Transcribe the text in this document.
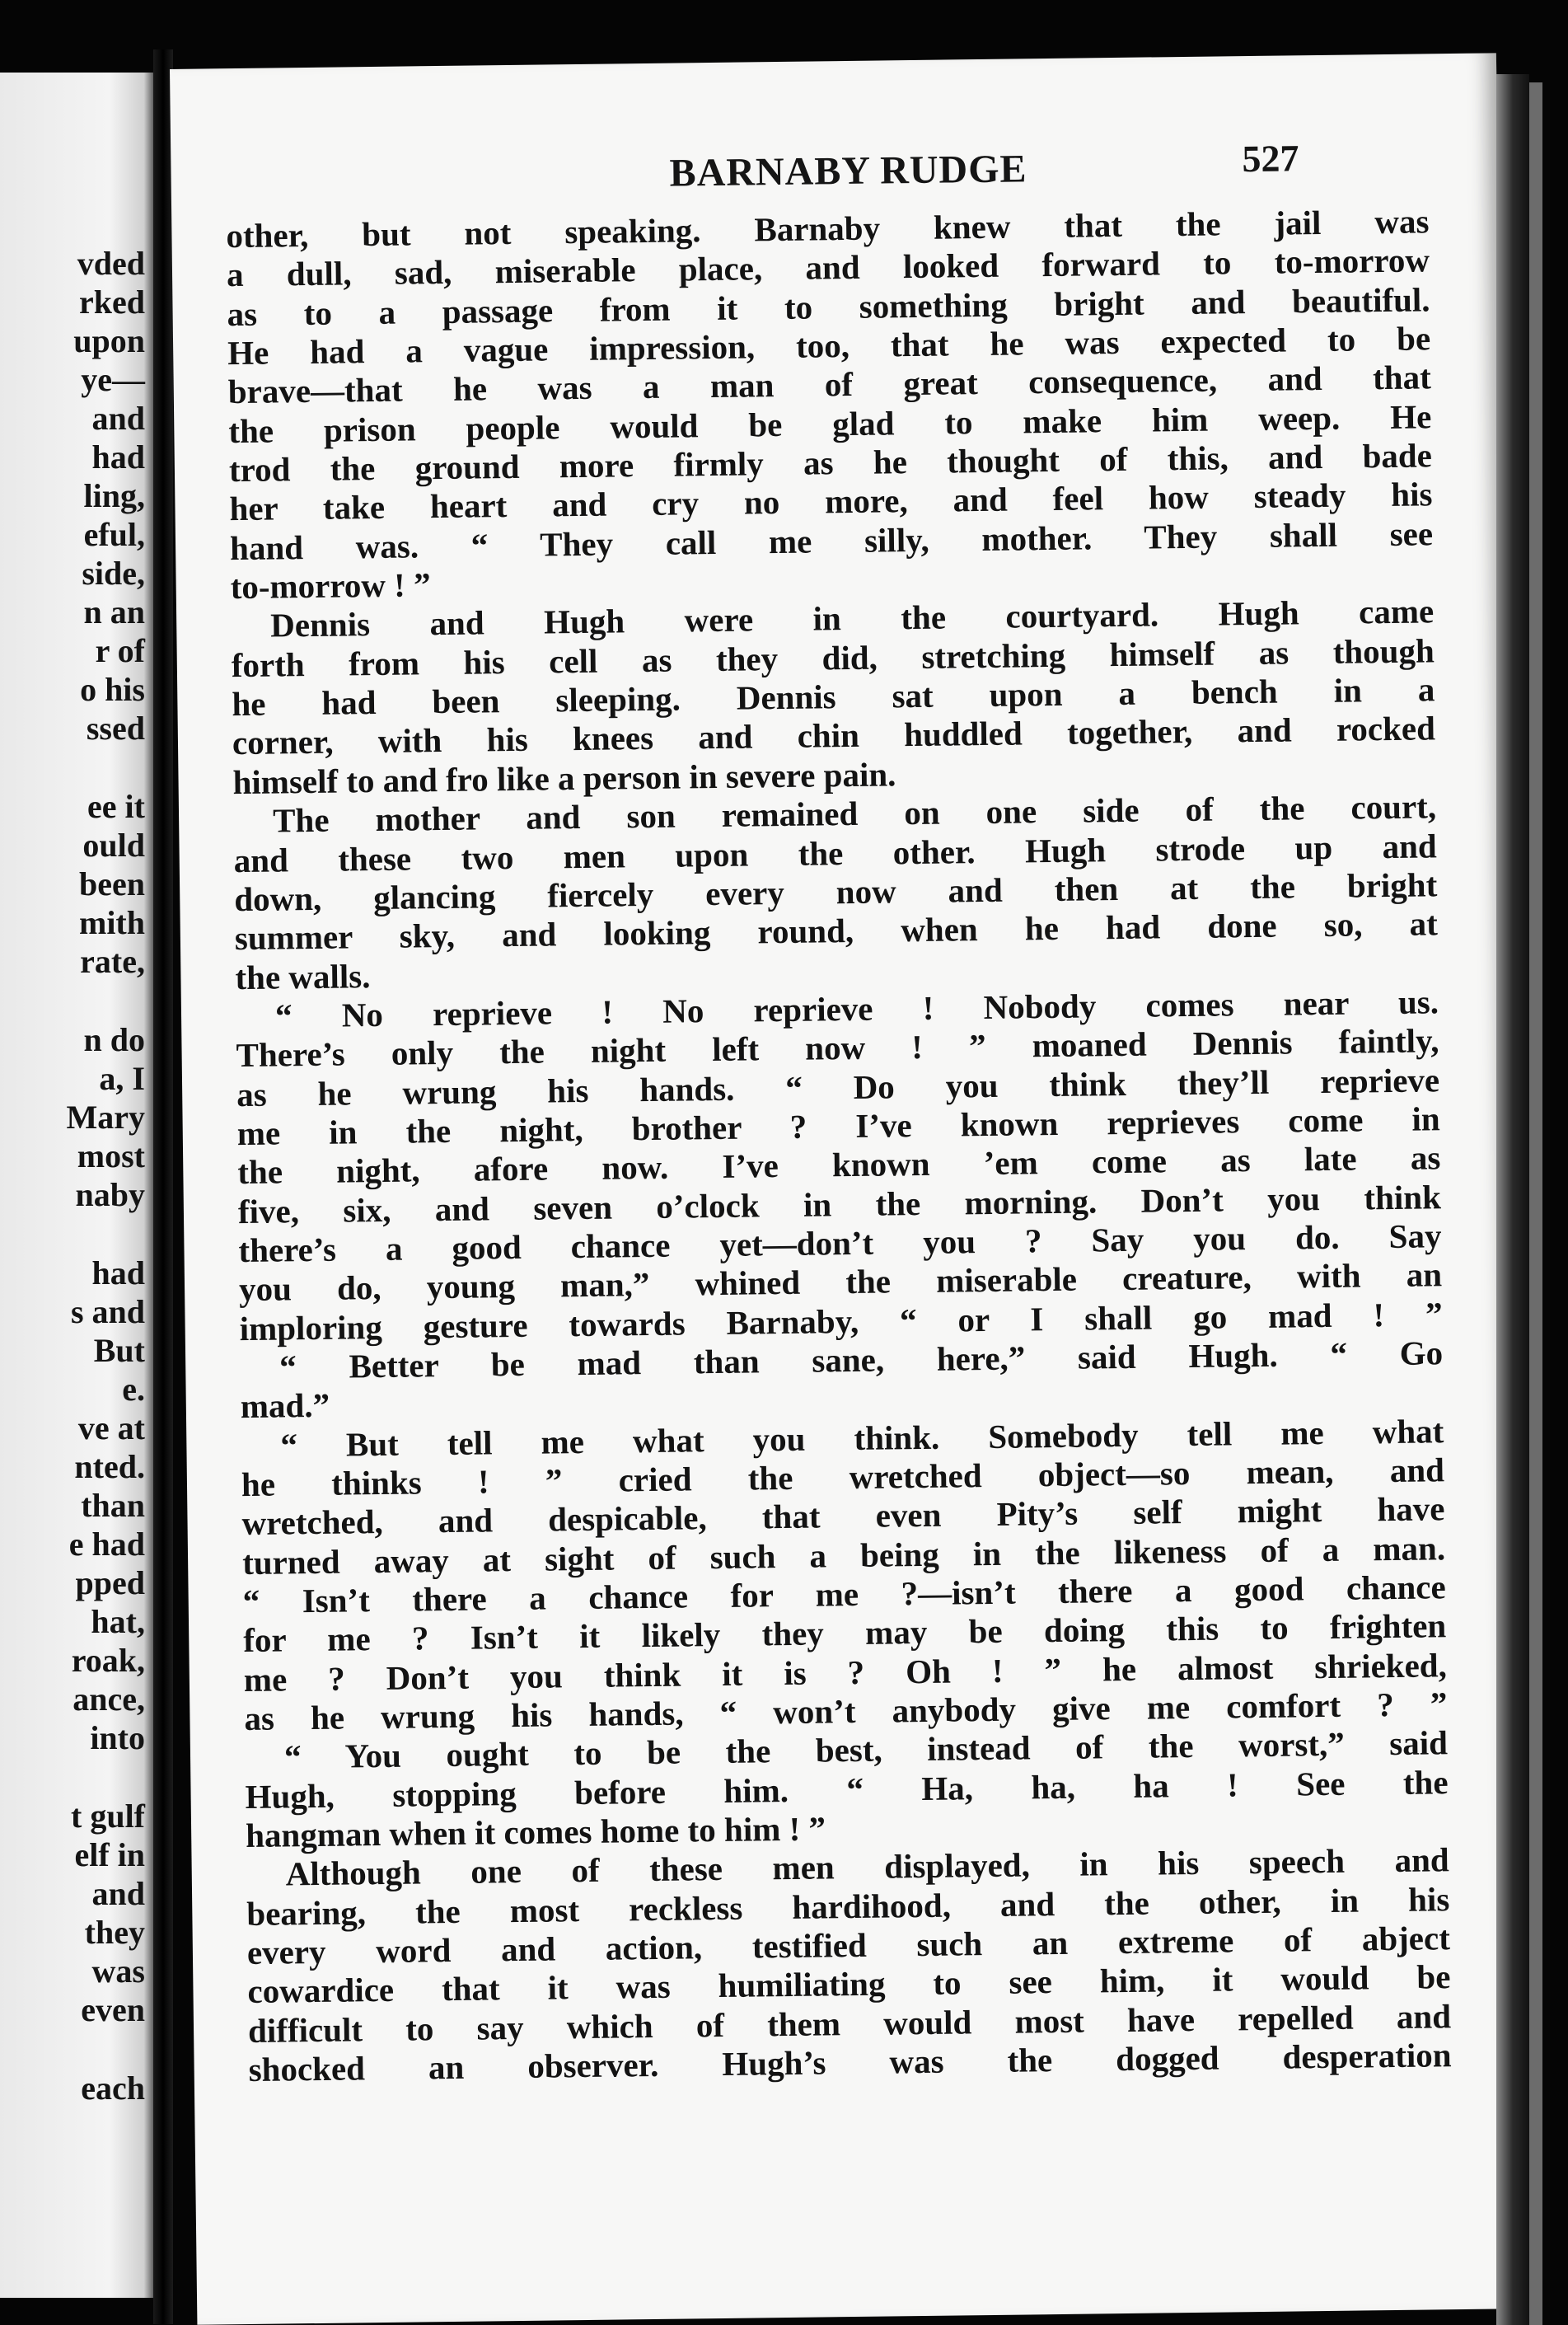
vded
rked
upon
ye—
and
had
ling,
eful,
side,
n an
r of
o his
ssed
ee it
ould
been
mith
rate,
n do
a, I
Mary
most
naby
had
s and
But
e.
ve at
nted.
than
e had
pped
hat,
roak,
ance,
into
t gulf
elf in
and
they
was
even
each
BARNABY RUDGE	527
other, but not speaking. Barnaby knew that the jail was
a dull, sad, miserable place, and looked forward to to-morrow
as to a passage from it to something bright and beautiful.
He had a vague impression, too, that he was expected to be
brave—that he was a man of great consequence, and that
the prison people would be glad to make him weep. He
trod the ground more firmly as he thought of this, and bade
her take heart and cry no more, and feel how steady his
hand was. “ They call me silly, mother. They shall see
to-morrow ! ”
Dennis and Hugh were in the courtyard. Hugh came
forth from his cell as they did, stretching himself as though
he had been sleeping. Dennis sat upon a bench in a
corner, with his knees and chin huddled together, and rocked
himself to and fro like a person in severe pain.
The mother and son remained on one side of the court,
and these two men upon the other. Hugh strode up and
down, glancing fiercely every now and then at the bright
summer sky, and looking round, when he had done so, at
the walls.
“ No reprieve ! No reprieve ! Nobody comes near us.
There’s only the night left now ! ” moaned Dennis faintly,
as he wrung his hands. “ Do you think they’ll reprieve
me in the night, brother ? I’ve known reprieves come in
the night, afore now. I’ve known ’em come as late as
five, six, and seven o’clock in the morning. Don’t you think
there’s a good chance yet—don’t you ? Say you do. Say
you do, young man,” whined the miserable creature, with an
imploring gesture towards Barnaby, “ or I shall go mad ! ”
“ Better be mad than sane, here,” said Hugh. “ Go
mad.”
“ But tell me what you think. Somebody tell me what
he thinks ! ” cried the wretched object—so mean, and
wretched, and despicable, that even Pity’s self might have
turned away at sight of such a being in the likeness of a man.
“ Isn’t there a chance for me ?—isn’t there a good chance
for me ? Isn’t it likely they may be doing this to frighten
me ? Don’t you think it is ? Oh ! ” he almost shrieked,
as he wrung his hands, “ won’t anybody give me comfort ? ”
“ You ought to be the best, instead of the worst,” said
Hugh, stopping before him. “ Ha, ha, ha ! See the
hangman when it comes home to him ! ”
Although one of these men displayed, in his speech and
bearing, the most reckless hardihood, and the other, in his
every word and action, testified such an extreme of abject
cowardice that it was humiliating to see him, it would be
difficult to say which of them would most have repelled and
shocked an observer. Hugh’s was the dogged desperation
